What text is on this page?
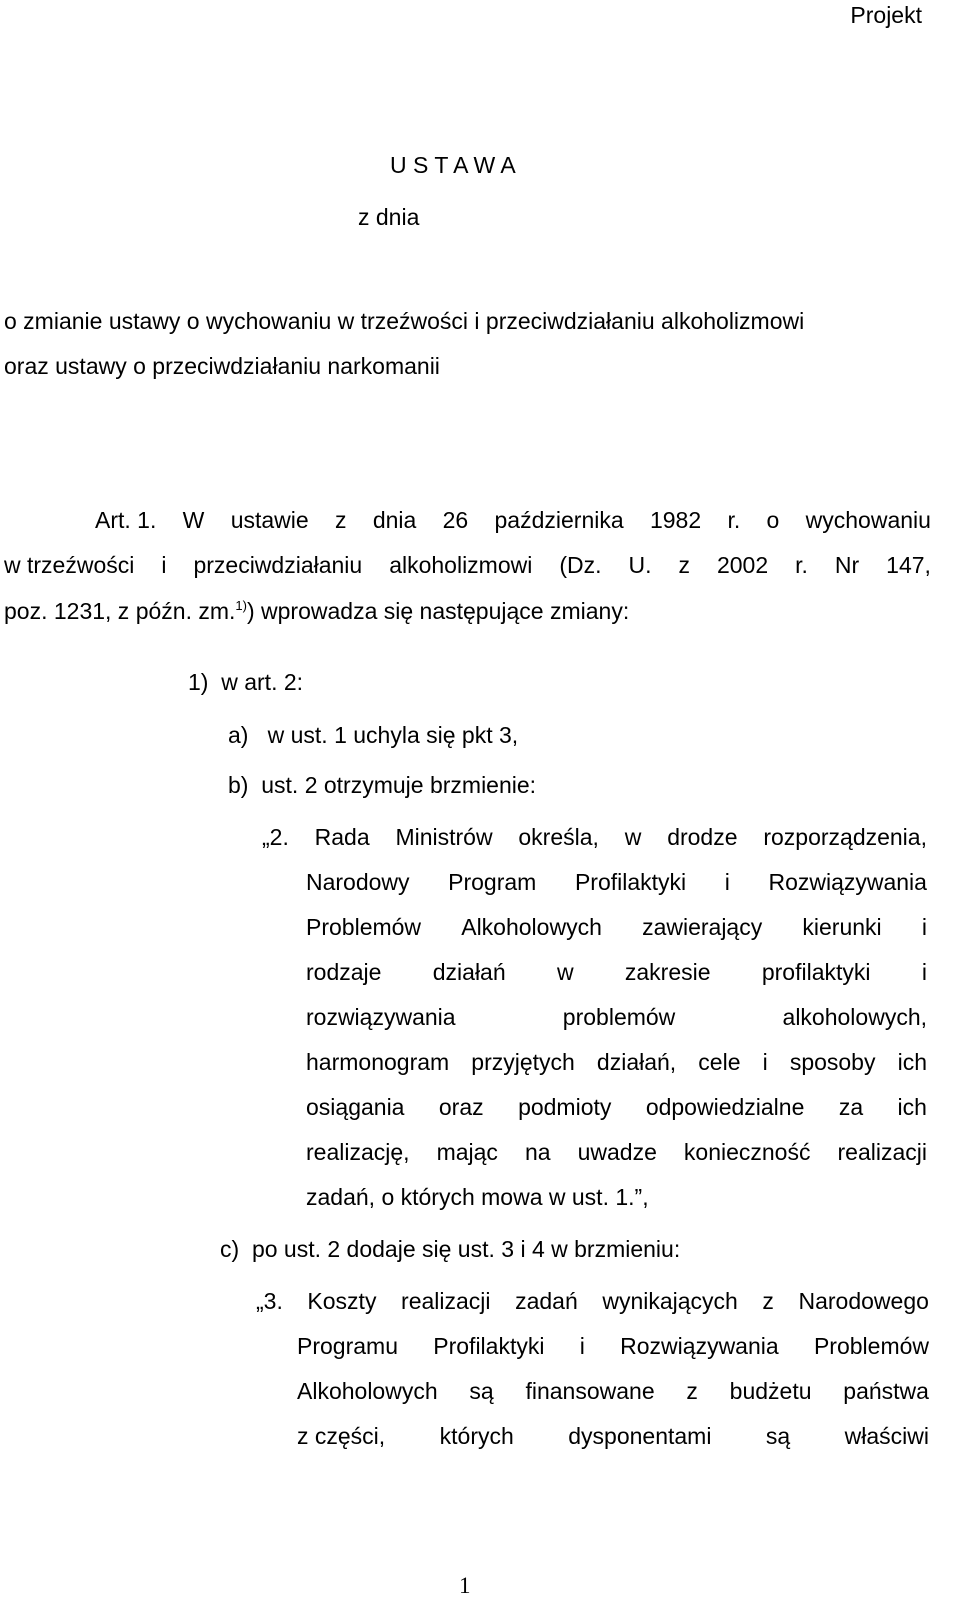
Projekt
U S T A W A
z dnia
o zmianie ustawy o wychowaniu w trzeźwości i przeciwdziałaniu alkoholizmowi
oraz ustawy o przeciwdziałaniu narkomanii
Art. 1. W ustawie z dnia 26 października 1982 r. o wychowaniu
w trzeźwości i przeciwdziałaniu alkoholizmowi (Dz. U. z 2002 r. Nr 147,
poz. 1231, z późn. zm.$^{1)}$) wprowadza się następujące zmiany:
1)  w art. 2:
a)   w ust. 1 uchyla się pkt 3,
b)  ust. 2 otrzymuje brzmienie:
„2. Rada Ministrów określa, w drodze rozporządzenia,
Narodowy Program Profilaktyki i Rozwiązywania
Problemów Alkoholowych zawierający kierunki i
rodzaje działań w zakresie profilaktyki i
rozwiązywania	problemów	alkoholowych,
harmonogram przyjętych działań, cele i sposoby ich
osiągania oraz podmioty odpowiedzialne za ich
realizację, mając na uwadze konieczność realizacji
zadań, o których mowa w ust. 1.”,
c)  po ust. 2 dodaje się ust. 3 i 4 w brzmieniu:
„3. Koszty realizacji zadań wynikających z Narodowego
Programu Profilaktyki i Rozwiązywania Problemów
Alkoholowych są finansowane z budżetu państwa
z części, których dysponentami są właściwi
1
